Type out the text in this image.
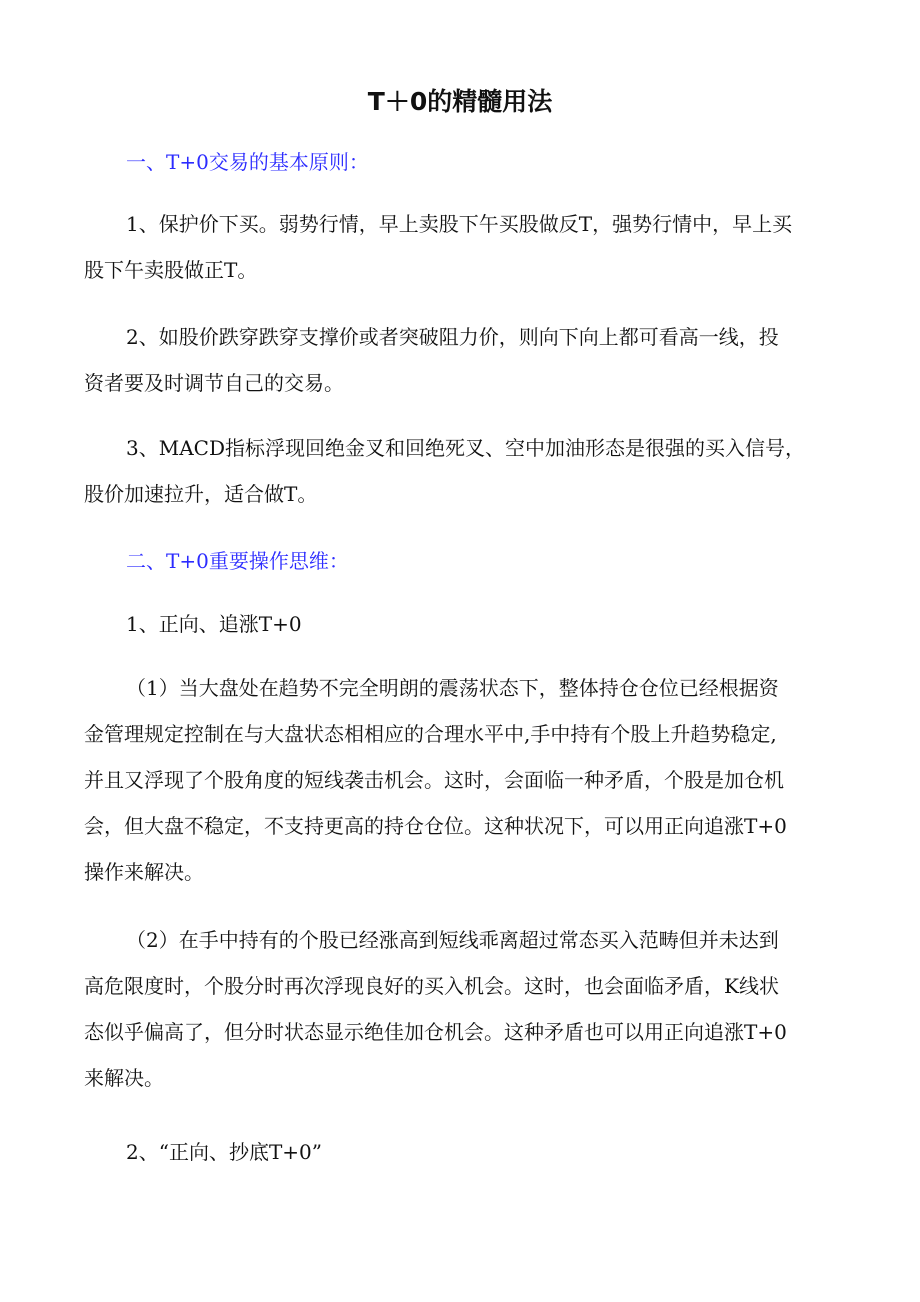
T＋0的精髓用法
一、T+0交易的基本原则：
1、保护价下买。弱势行情，早上卖股下午买股做反T，强势行情中，早上买
股下午卖股做正T。
2、如股价跌穿跌穿支撑价或者突破阻力价，则向下向上都可看高一线，投
资者要及时调节自己的交易。
3、MACD指标浮现回绝金叉和回绝死叉、空中加油形态是很强的买入信号，
股价加速拉升，适合做T。
二、T+0重要操作思维：
1、正向、追涨T+0
（1）当大盘处在趋势不完全明朗的震荡状态下，整体持仓仓位已经根据资
金管理规定控制在与大盘状态相相应的合理水平中,手中持有个股上升趋势稳定,
并且又浮现了个股角度的短线袭击机会。这时，会面临一种矛盾，个股是加仓机
会，但大盘不稳定，不支持更高的持仓仓位。这种状况下，可以用正向追涨T+0
操作来解决。
（2）在手中持有的个股已经涨高到短线乖离超过常态买入范畴但并未达到
高危限度时，个股分时再次浮现良好的买入机会。这时，也会面临矛盾，K线状
态似乎偏高了，但分时状态显示绝佳加仓机会。这种矛盾也可以用正向追涨T+0
来解决。
2、“正向、抄底T+0”
